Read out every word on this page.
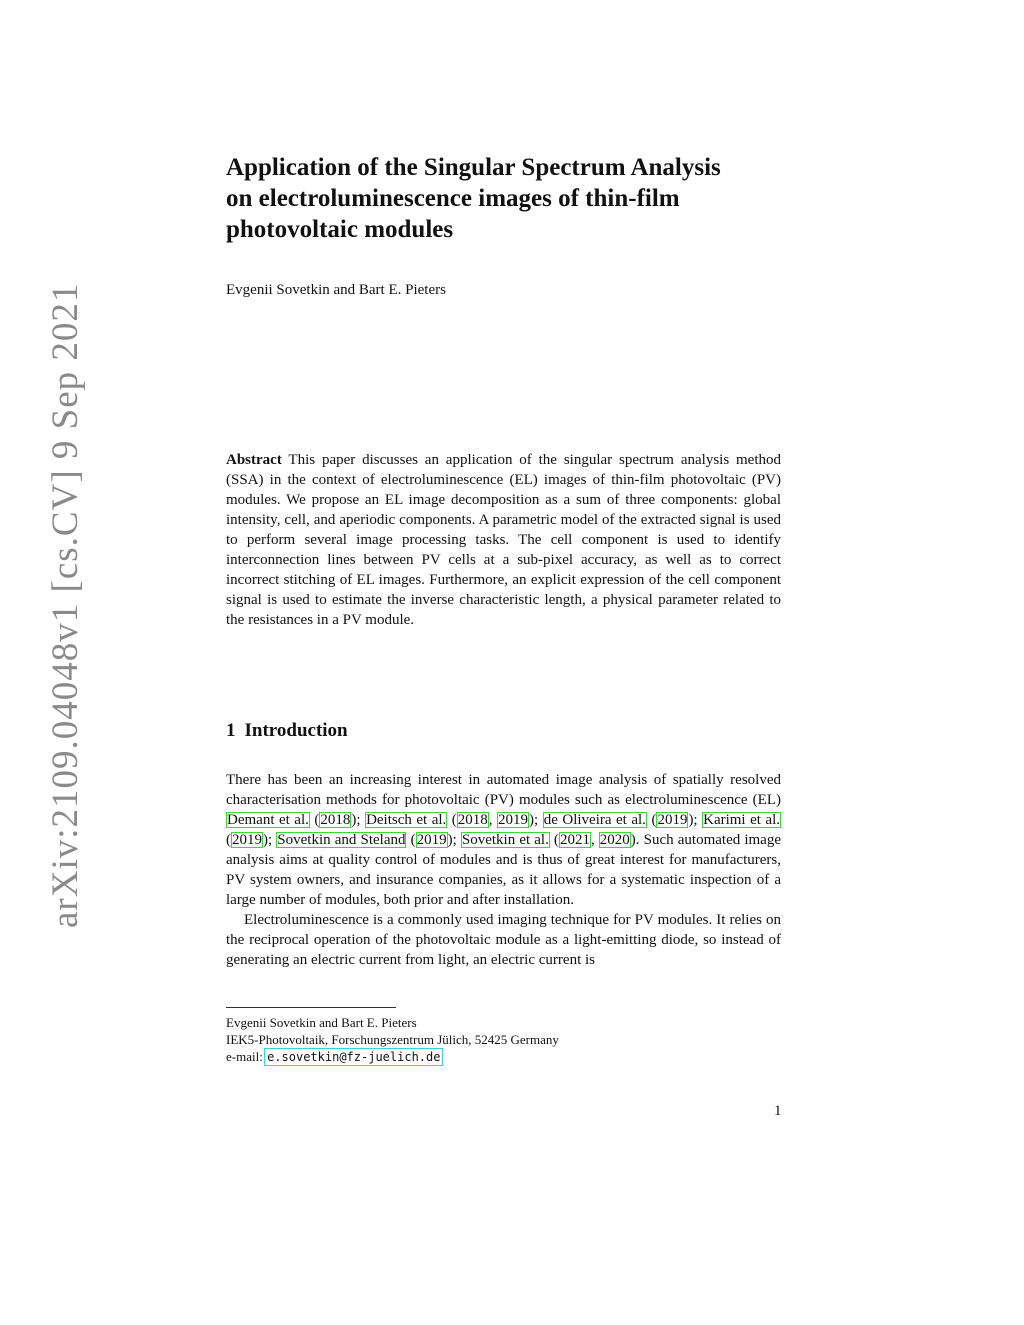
arXiv:2109.04048v1 [cs.CV] 9 Sep 2021
Application of the Singular Spectrum Analysis
on electroluminescence images of thin-film
photovoltaic modules
Evgenii Sovetkin and Bart E. Pieters

Abstract This paper discusses an application of the singular spectrum analysis method (SSA) in the context of electroluminescence (EL) images of thin-film photovoltaic (PV) modules. We propose an EL image decomposition as a sum of three components: global intensity, cell, and aperiodic components. A parametric model of the extracted signal is used to perform several image processing tasks. The cell component is used to identify interconnection lines between PV cells at a sub-pixel accuracy, as well as to correct incorrect stitching of EL images. Furthermore, an explicit expression of the cell component signal is used to estimate the inverse characteristic length, a physical parameter related to the resistances in a PV module.

1 Introduction

There has been an increasing interest in automated image analysis of spatially resolved characterisation methods for photovoltaic (PV) modules such as electroluminescence (EL) Demant et al. (2018); Deitsch et al. (2018, 2019); de Oliveira et al. (2019); Karimi et al. (2019); Sovetkin and Steland (2019); Sovetkin et al. (2021, 2020). Such automated image analysis aims at quality control of modules and is thus of great interest for manufacturers, PV system owners, and insurance companies, as it allows for a systematic inspection of a large number of modules, both prior and after installation.

Electroluminescence is a commonly used imaging technique for PV modules. It relies on the reciprocal operation of the photovoltaic module as a light-emitting diode, so instead of generating an electric current from light, an electric current is

Evgenii Sovetkin and Bart E. Pieters
IEK5-Photovoltaik, Forschungszentrum Jülich, 52425 Germany
e-mail: e.sovetkin@fz-juelich.de
1
